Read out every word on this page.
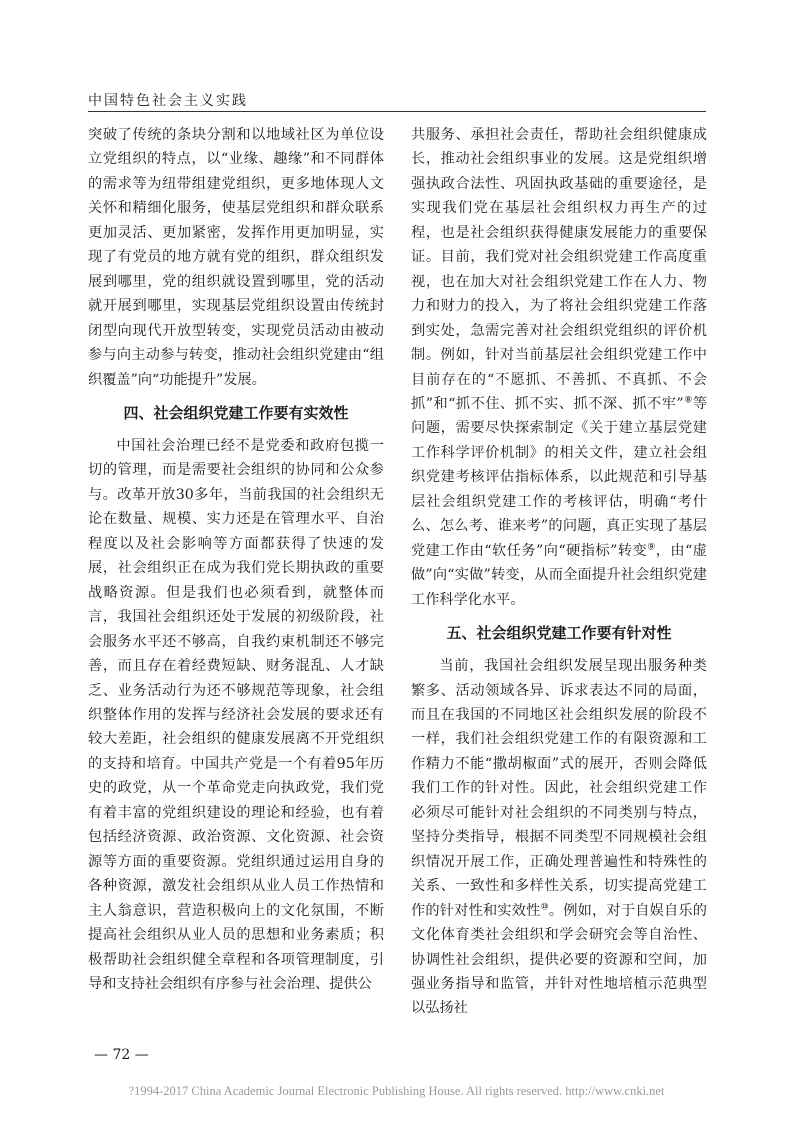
中国特色社会主义实践

突破了传统的条块分割和以地域社区为单位设立党组织的特点，以“业缘、趣缘”和不同群体的需求等为纽带组建党组织，更多地体现人文关怀和精细化服务，使基层党组织和群众联系更加灵活、更加紧密，发挥作用更加明显，实现了有党员的地方就有党的组织，群众组织发展到哪里，党的组织就设置到哪里，党的活动就开展到哪里，实现基层党组织设置由传统封闭型向现代开放型转变，实现党员活动由被动参与向主动参与转变，推动社会组织党建由“组织覆盖”向“功能提升”发展。

四、社会组织党建工作要有实效性

中国社会治理已经不是党委和政府包揽一切的管理，而是需要社会组织的协同和公众参与。改革开放30多年，当前我国的社会组织无论在数量、规模、实力还是在管理水平、自治程度以及社会影响等方面都获得了快速的发展，社会组织正在成为我们党长期执政的重要战略资源。但是我们也必须看到，就整体而言，我国社会组织还处于发展的初级阶段，社会服务水平还不够高，自我约束机制还不够完善，而且存在着经费短缺、财务混乱、人才缺乏、业务活动行为还不够规范等现象，社会组织整体作用的发挥与经济社会发展的要求还有较大差距，社会组织的健康发展离不开党组织的支持和培育。中国共产党是一个有着95年历史的政党，从一个革命党走向执政党，我们党有着丰富的党组织建设的理论和经验，也有着包括经济资源、政治资源、文化资源、社会资源等方面的重要资源。党组织通过运用自身的各种资源，激发社会组织从业人员工作热情和主人翁意识，营造积极向上的文化氛围，不断提高社会组织从业人员的思想和业务素质；积极帮助社会组织健全章程和各项管理制度，引导和支持社会组织有序参与社会治理、提供公

共服务、承担社会责任，帮助社会组织健康成长，推动社会组织事业的发展。这是党组织增强执政合法性、巩固执政基础的重要途径，是实现我们党在基层社会组织权力再生产的过程，也是社会组织获得健康发展能力的重要保证。目前，我们党对社会组织党建工作高度重视，也在加大对社会组织党建工作在人力、物力和财力的投入，为了将社会组织党建工作落到实处，急需完善对社会组织党组织的评价机制。例如，针对当前基层社会组织党建工作中目前存在的“不愿抓、不善抓、不真抓、不会抓”和“抓不住、抓不实、抓不深、抓不牢”⑧等问题，需要尽快探索制定《关于建立基层党建工作科学评价机制》的相关文件，建立社会组织党建考核评估指标体系，以此规范和引导基层社会组织党建工作的考核评估，明确“考什么、怎么考、谁来考”的问题，真正实现了基层党建工作由“软任务”向“硬指标”转变⑨，由“虚做”向“实做”转变，从而全面提升社会组织党建工作科学化水平。

五、社会组织党建工作要有针对性

当前，我国社会组织发展呈现出服务种类繁多、活动领域各异、诉求表达不同的局面，而且在我国的不同地区社会组织发展的阶段不一样，我们社会组织党建工作的有限资源和工作精力不能“撒胡椒面”式的展开，否则会降低我们工作的针对性。因此，社会组织党建工作必须尽可能针对社会组织的不同类别与特点，坚持分类指导，根据不同类型不同规模社会组织情况开展工作，正确处理普遍性和特殊性的关系、一致性和多样性关系，切实提高党建工作的针对性和实效性⑩。例如，对于自娱自乐的文化体育类社会组织和学会研究会等自治性、协调性社会组织，提供必要的资源和空间，加强业务指导和监管，并针对性地培植示范典型以弘扬社

— 72 —
?1994-2017 China Academic Journal Electronic Publishing House. All rights reserved. http://www.cnki.net
